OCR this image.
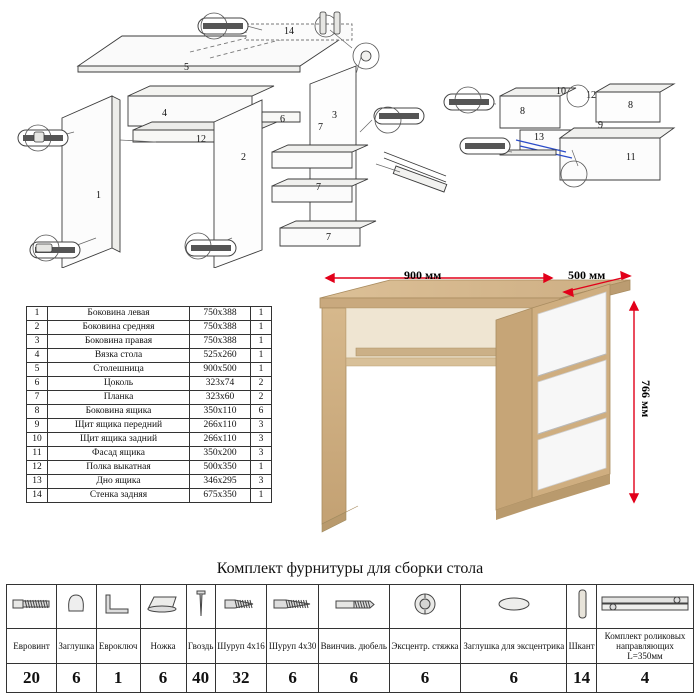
1
2
3
4
5
6
7
7
7
8
8
9
10
11
12	13
14
12
1	Боковина левая	750x388	1
2	Боковина средняя	750x388	1
3	Боковина правая	750x388	1
4	Вязка стола	525x260	1
5	Столешница	900x500	1
6	Цоколь	323x74	2
7	Планка	323x60	2
8	Боковина ящика	350x110	6
9	Щит ящика передний	266x110	3
10	Щит ящика задний	266x110	3
11	Фасад ящика	350x200	3
12	Полка выкатная	500x350	1
13	Дно ящика	346x295	3
14	Стенка задняя	675x350	1
900 мм	500 мм
766 мм
Комплект фурнитуры для сборки стола

Еврoвинт	Заглушка	Евроключ	Ножка	Гвоздь	Шуруп 4х16	Шуруп 4х30	Ввинчив. дюбель	Эксцентр. стяжка	Заглушка для эксцентрика	Шкант	Комплект роликовых направляющих L=350мм
20	6	1	6	40	32	6	6	6	6	14	4
